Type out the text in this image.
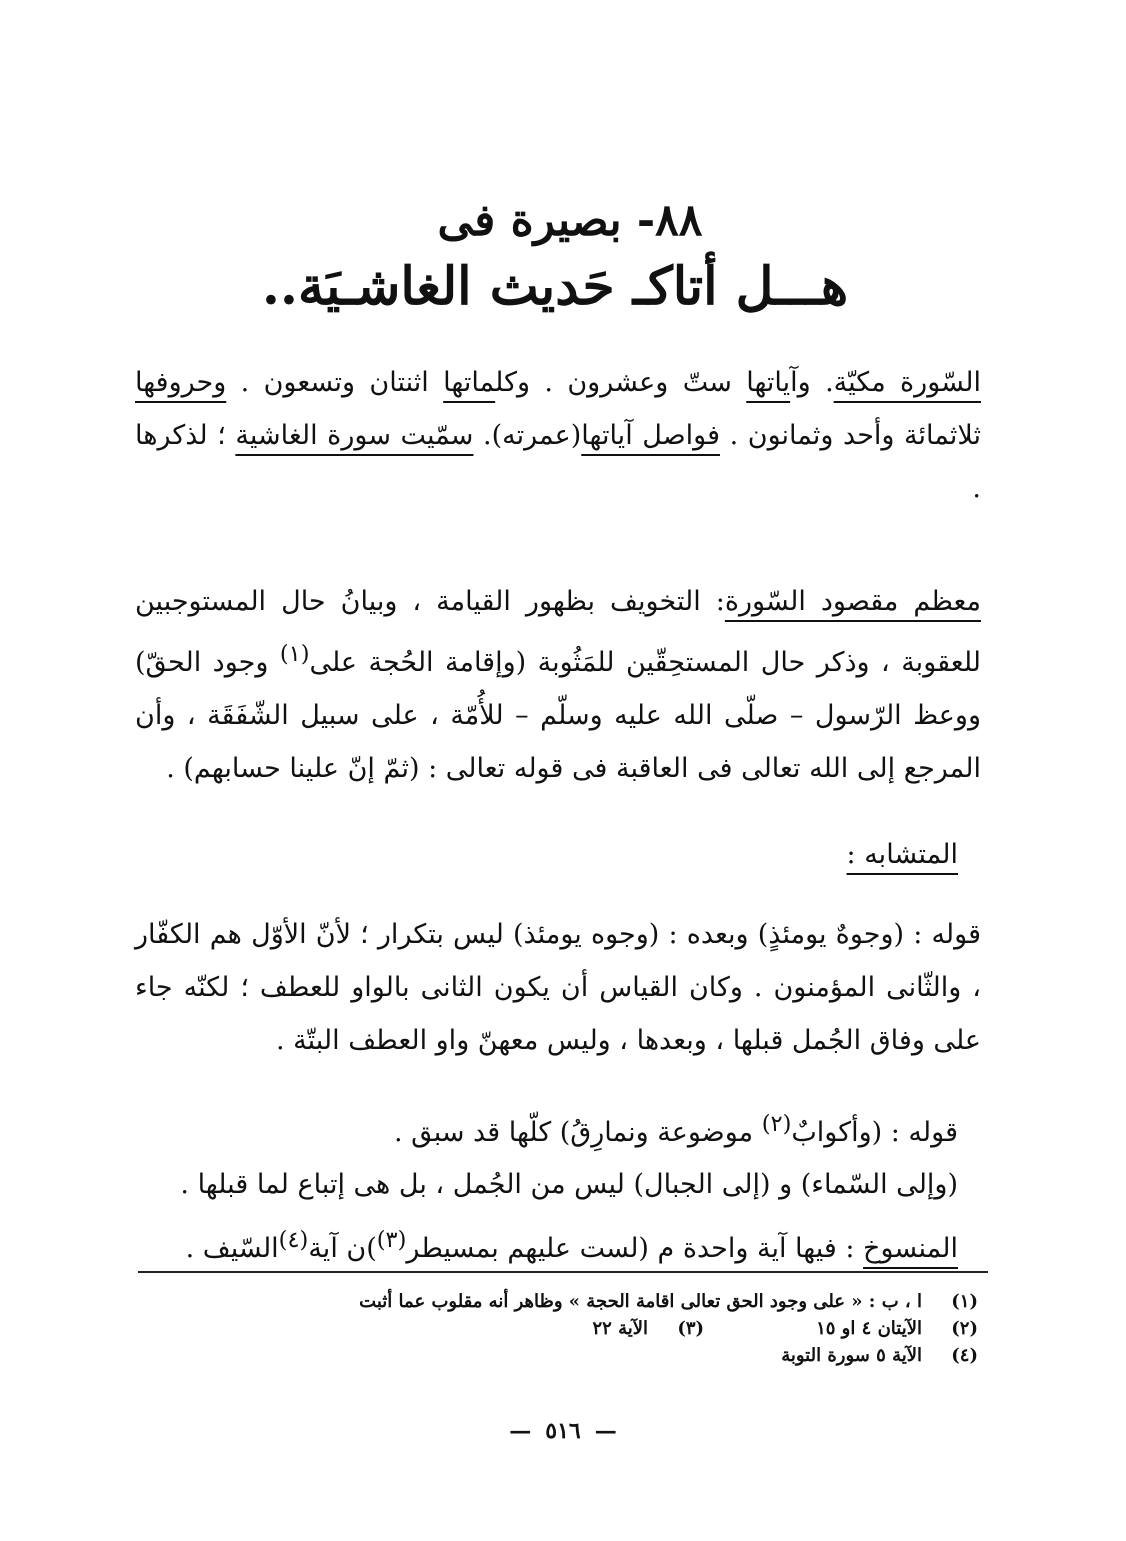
٨٨- بصيرة فى
هـــل أتاكـ حَديث الغاشـيَة..
السّورة مكيّة. وآياتها ستّ وعشرون . وكلماتها اثنتان وتسعون . وحروفها ثلاثمائة وأحد وثمانون . فواصل آياتها(عمرته). سمّيت سورة الغاشية ؛ لذكرها .
معظم مقصود السّورة: التخويف بظهور القيامة ، وبيانُ حال المستوجبين للعقوبة ، وذكر حال المستحِقّين للمَثُوبة (وإقامة الحُجة على$^{(١)}$ وجود الحقّ) ووعظ الرّسول – صلّى الله عليه وسلّم – للأُمّة ، على سبيل الشّفَقَة ، وأن المرجع إلى الله تعالى فى العاقبة فى قوله تعالى : (ثمّ إنّ علينا حسابهم) .
المتشابه :
قوله : (وجوهٌ يومئذٍ) وبعده : (وجوه يومئذ) ليس بتكرار ؛ لأنّ الأوّل هم الكفّار ، والثّانى المؤمنون . وكان القياس أن يكون الثانى بالواو للعطف ؛ لكنّه جاء على وفاق الجُمل قبلها ، وبعدها ، وليس معهنّ واو العطف البتّة .
قوله : (وأكوابٌ$^{(٢)}$ موضوعة ونمارِقُ) كلّها قد سبق .
(وإلى السّماء) و (إلى الجبال) ليس من الجُمل ، بل هى إتباع لما قبلها .
المنسوخ : فيها آية واحدة م (لست عليهم بمسيطر$^{(٣)}$)ن آية$^{(٤)}$السّيف .
(١)
ا ، ب : « على وجود الحق تعالى اقامة الحجة » وظاهر أنه مقلوب عما أثبت
(٢)
الآيتان ٤ او ١٥
(٣)
الآية ٢٢
(٤)
الآية ٥ سورة التوبة
—٥١٦—
